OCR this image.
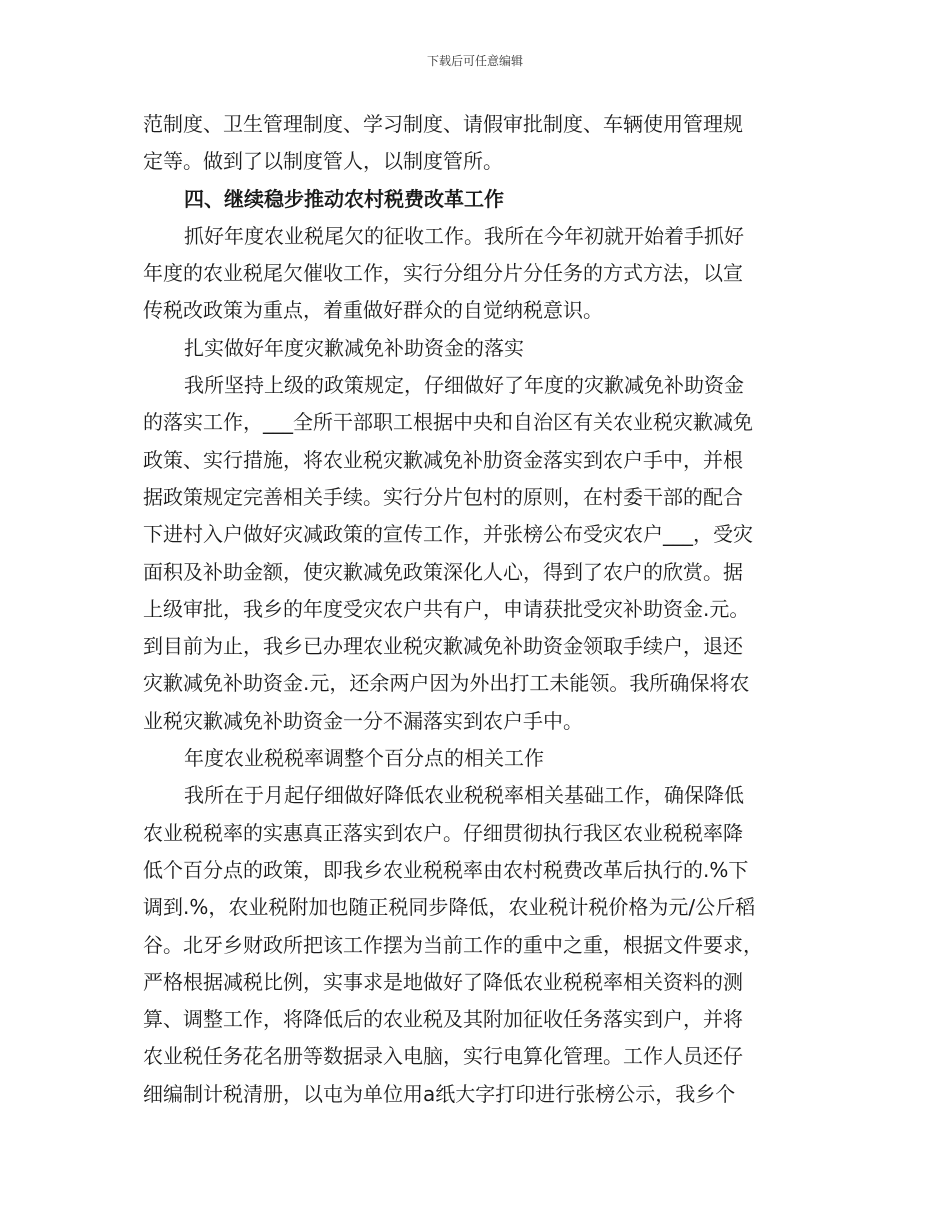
下载后可任意编辑
范制度、卫生管理制度、学习制度、请假审批制度、车辆使用管理规
定等。做到了以制度管人，以制度管所。
四、继续稳步推动农村税费改革工作
抓好年度农业税尾欠的征收工作。我所在今年初就开始着手抓好
年度的农业税尾欠催收工作，实行分组分片分任务的方式方法，以宣
传税改政策为重点，着重做好群众的自觉纳税意识。
扎实做好年度灾歉减免补助资金的落实
我所坚持上级的政策规定，仔细做好了年度的灾歉减免补助资金
的落实工作，___全所干部职工根据中央和自治区有关农业税灾歉减免
政策、实行措施，将农业税灾歉减免补肋资金落实到农户手中，并根
据政策规定完善相关手续。实行分片包村的原则，在村委干部的配合
下进村入户做好灾减政策的宣传工作，并张榜公布受灾农户___，受灾
面积及补助金额，使灾歉减免政策深化人心，得到了农户的欣赏。据
上级审批，我乡的年度受灾农户共有户，申请获批受灾补助资金.元。
到目前为止，我乡已办理农业税灾歉减免补助资金领取手续户，退还
灾歉减免补助资金.元，还余两户因为外出打工未能领。我所确保将农
业税灾歉减免补助资金一分不漏落实到农户手中。
年度农业税税率调整个百分点的相关工作
我所在于月起仔细做好降低农业税税率相关基础工作，确保降低
农业税税率的实惠真正落实到农户。仔细贯彻执行我区农业税税率降
低个百分点的政策，即我乡农业税税率由农村税费改革后执行的.%下
调到.%，农业税附加也随正税同步降低，农业税计税价格为元/公斤稻
谷。北牙乡财政所把该工作摆为当前工作的重中之重，根据文件要求，
严格根据减税比例，实事求是地做好了降低农业税税率相关资料的测
算、调整工作，将降低后的农业税及其附加征收任务落实到户，并将
农业税任务花名册等数据录入电脑，实行电算化管理。工作人员还仔
细编制计税清册，以屯为单位用a纸大字打印进行张榜公示，我乡个
